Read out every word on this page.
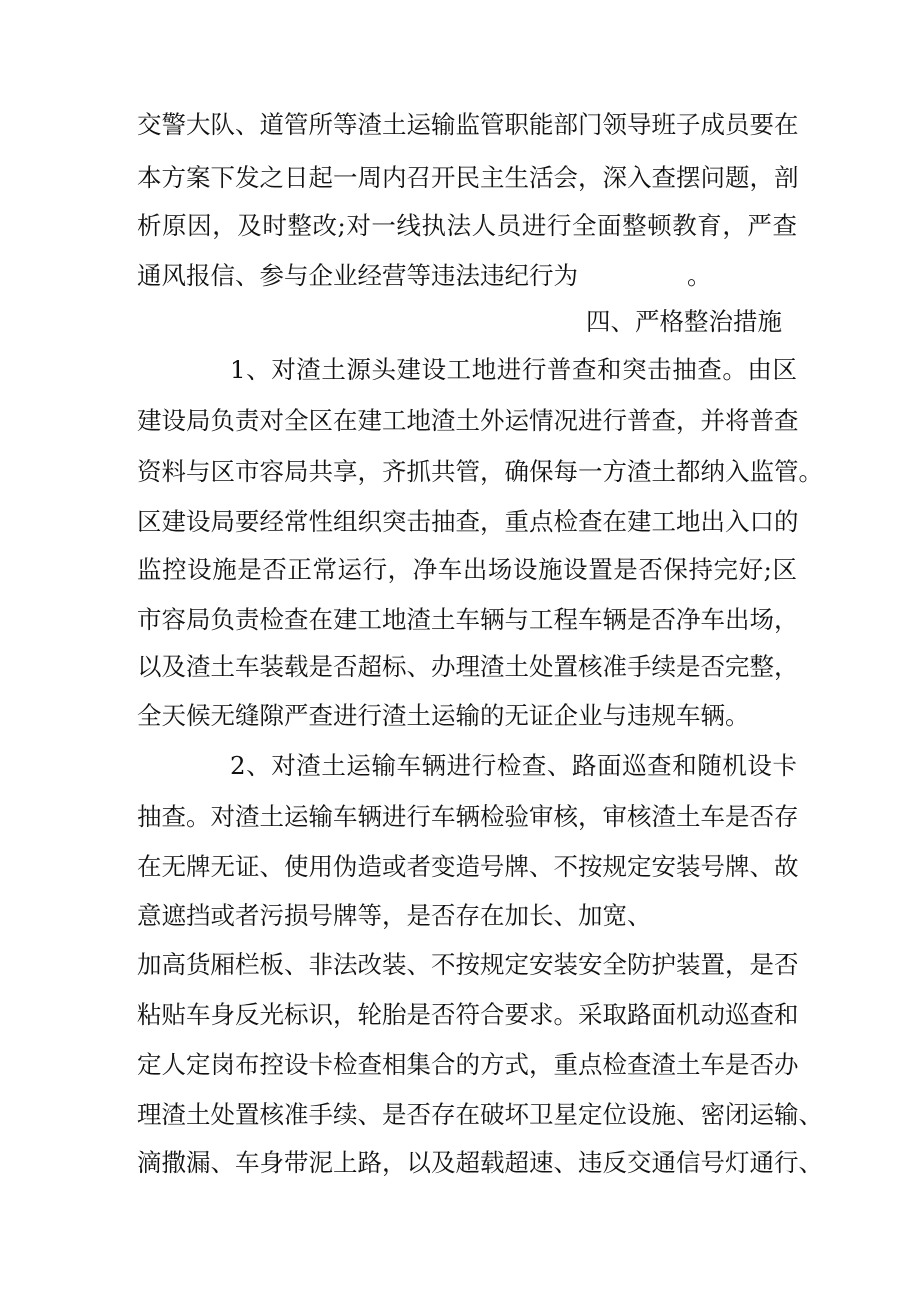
交警大队、道管所等渣土运输监管职能部门领导班子成员要在
本方案下发之日起一周内召开民主生活会，深入查摆问题，剖
析原因，及时整改;对一线执法人员进行全面整顿教育，严查
通风报信、参与企业经营等违法违纪行为              。
四、严格整治措施
1、对渣土源头建设工地进行普查和突击抽查。由区
建设局负责对全区在建工地渣土外运情况进行普查，并将普查
资料与区市容局共享，齐抓共管，确保每一方渣土都纳入监管。
区建设局要经常性组织突击抽查，重点检查在建工地出入口的
监控设施是否正常运行，净车出场设施设置是否保持完好;区
市容局负责检查在建工地渣土车辆与工程车辆是否净车出场，
以及渣土车装载是否超标、办理渣土处置核准手续是否完整，
全天候无缝隙严查进行渣土运输的无证企业与违规车辆。
2、对渣土运输车辆进行检查、路面巡查和随机设卡
抽查。对渣土运输车辆进行车辆检验审核，审核渣土车是否存
在无牌无证、使用伪造或者变造号牌、不按规定安装号牌、故
意遮挡或者污损号牌等，是否存在加长、加宽、
加高货厢栏板、非法改装、不按规定安装安全防护装置，是否
粘贴车身反光标识，轮胎是否符合要求。采取路面机动巡查和
定人定岗布控设卡检查相集合的方式，重点检查渣土车是否办
理渣土处置核准手续、是否存在破坏卫星定位设施、密闭运输、
滴撒漏、车身带泥上路，以及超载超速、违反交通信号灯通行、
